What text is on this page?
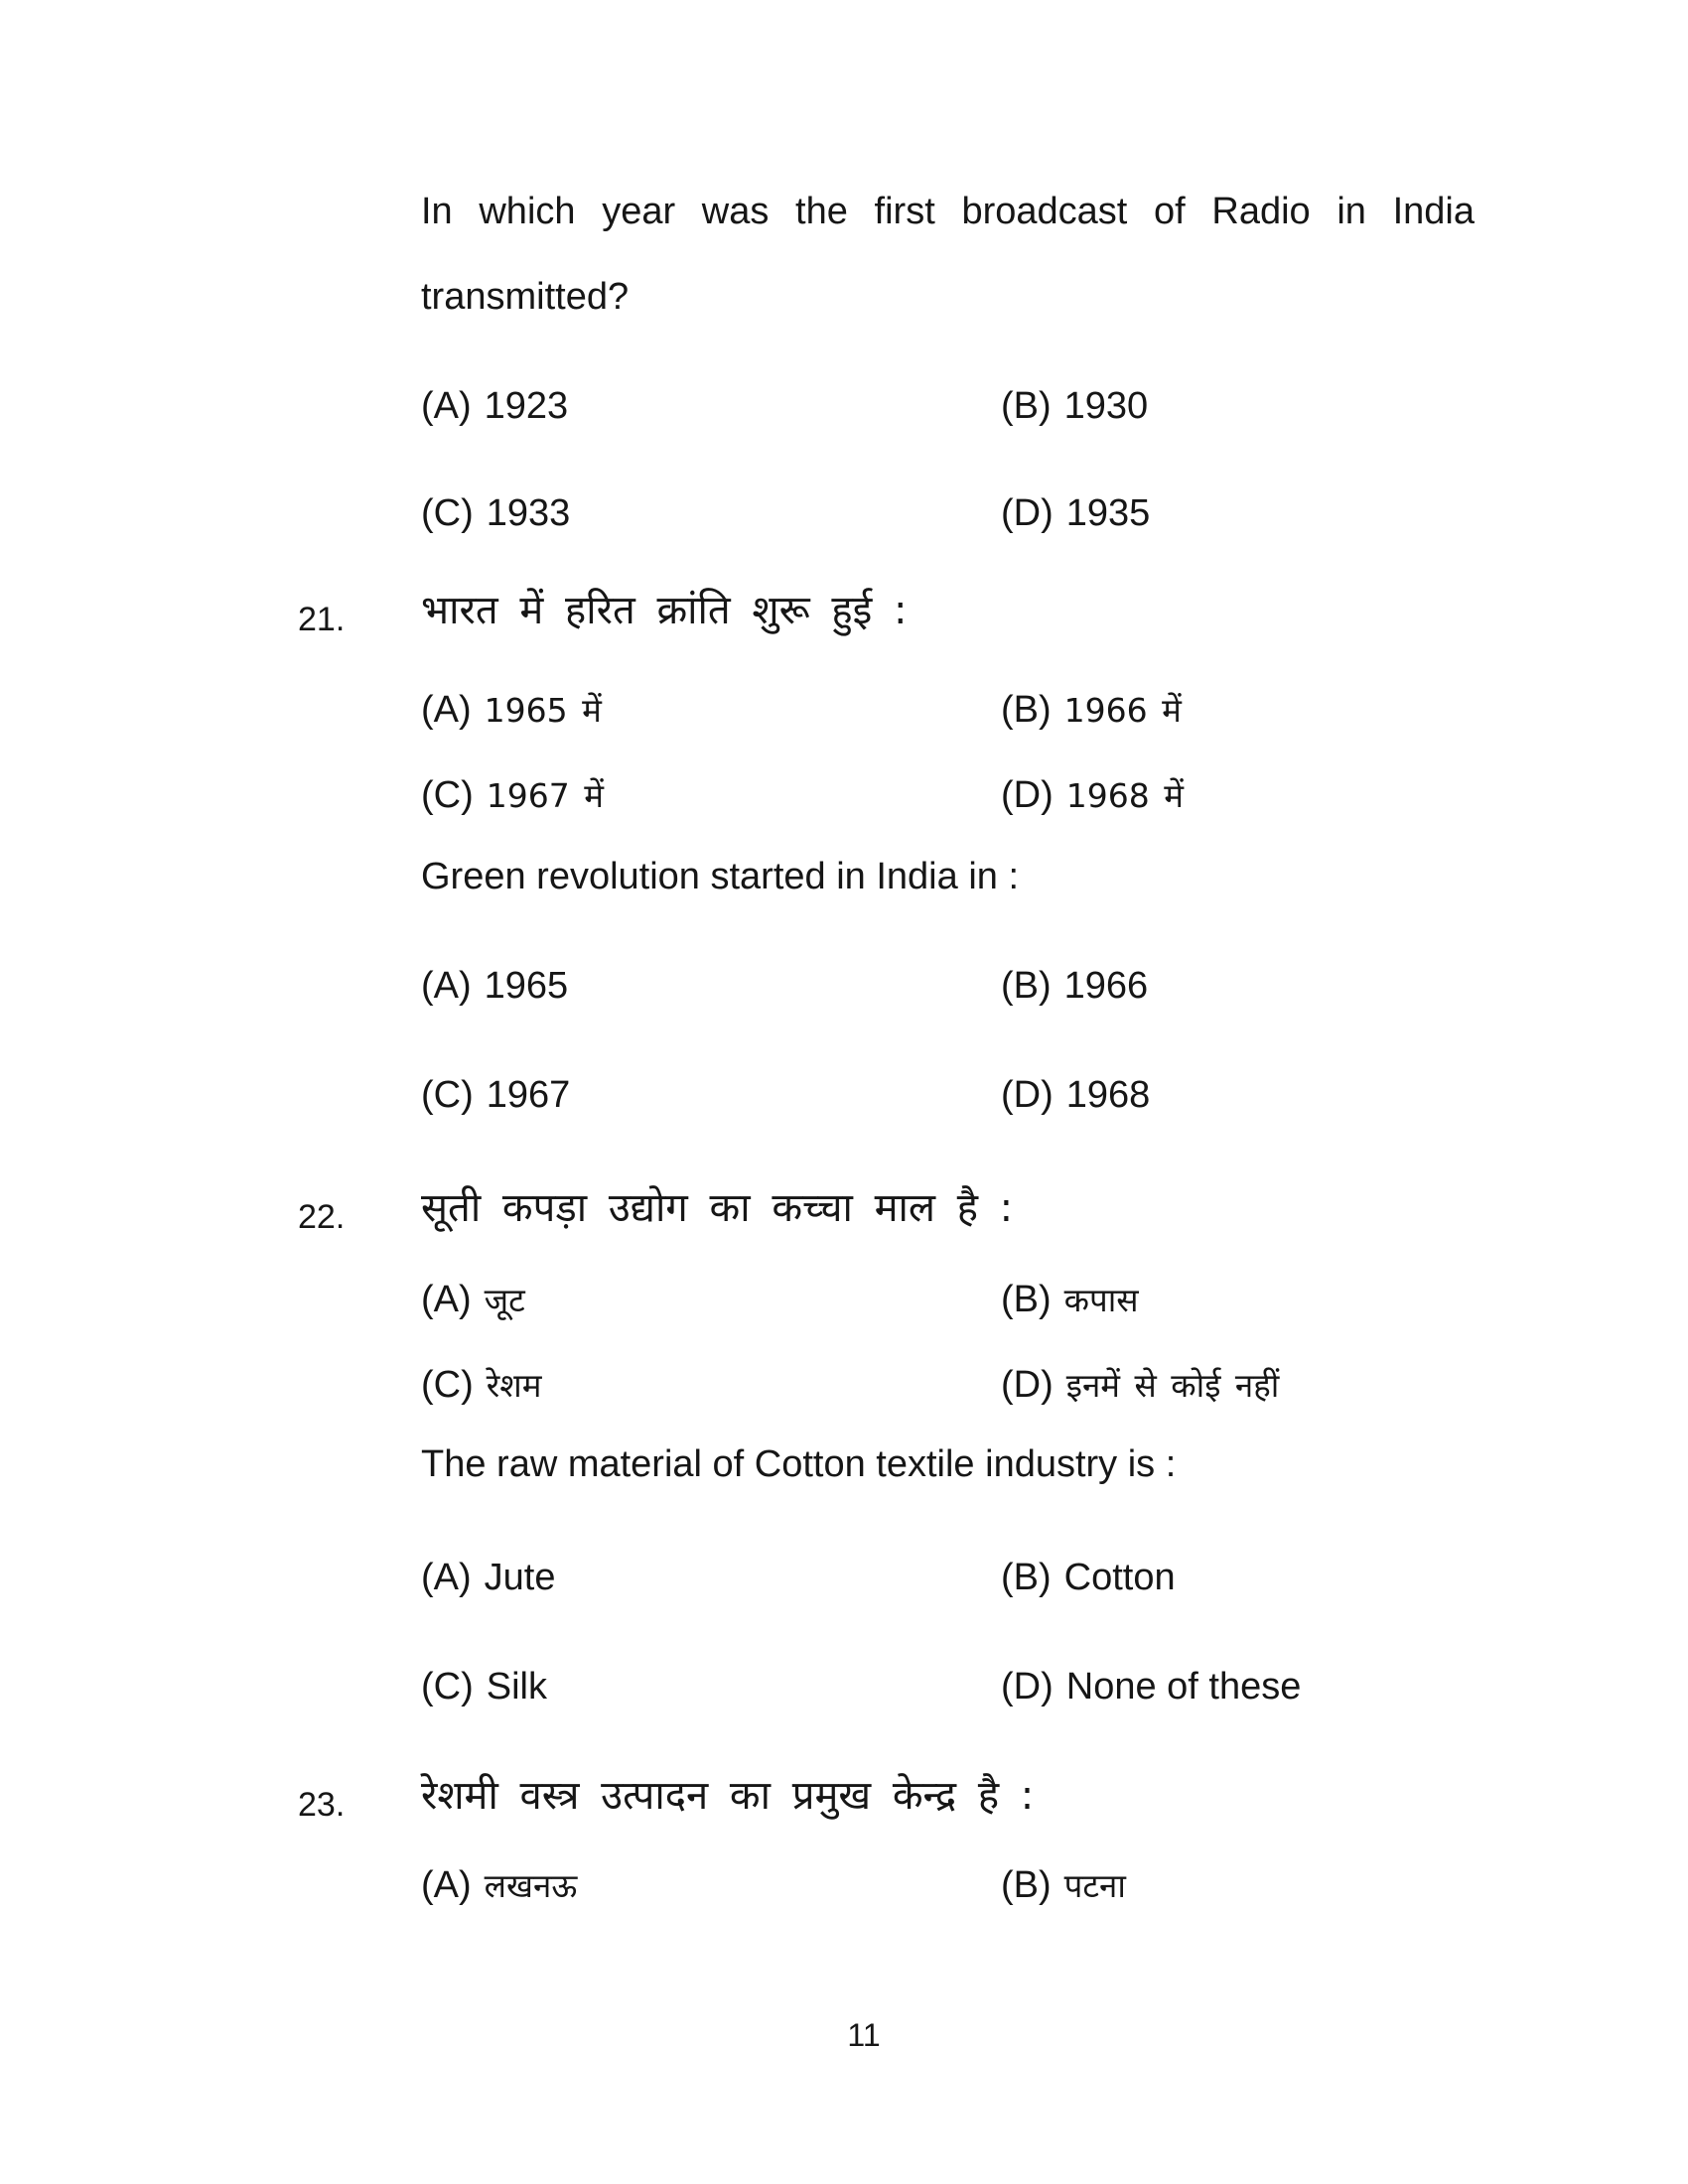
In which year was the first broadcast of Radio in India
transmitted?
(A) 1923	(B) 1930
(C) 1933	(D) 1935
21. भारत में हरित क्रांति शुरू हुई :
(A) 1965 में	(B) 1966 में
(C) 1967 में	(D) 1968 में
Green revolution started in India in :
(A) 1965	(B) 1966
(C) 1967	(D) 1968
22. सूती कपड़ा उद्योग का कच्चा माल है :
(A) जूट	(B) कपास
(C) रेशम	(D) इनमें से कोई नहीं
The raw material of Cotton textile industry is :
(A) Jute	(B) Cotton
(C) Silk	(D) None of these
23. रेशमी वस्त्र उत्पादन का प्रमुख केन्द्र है :
(A) लखनऊ	(B) पटना
11
